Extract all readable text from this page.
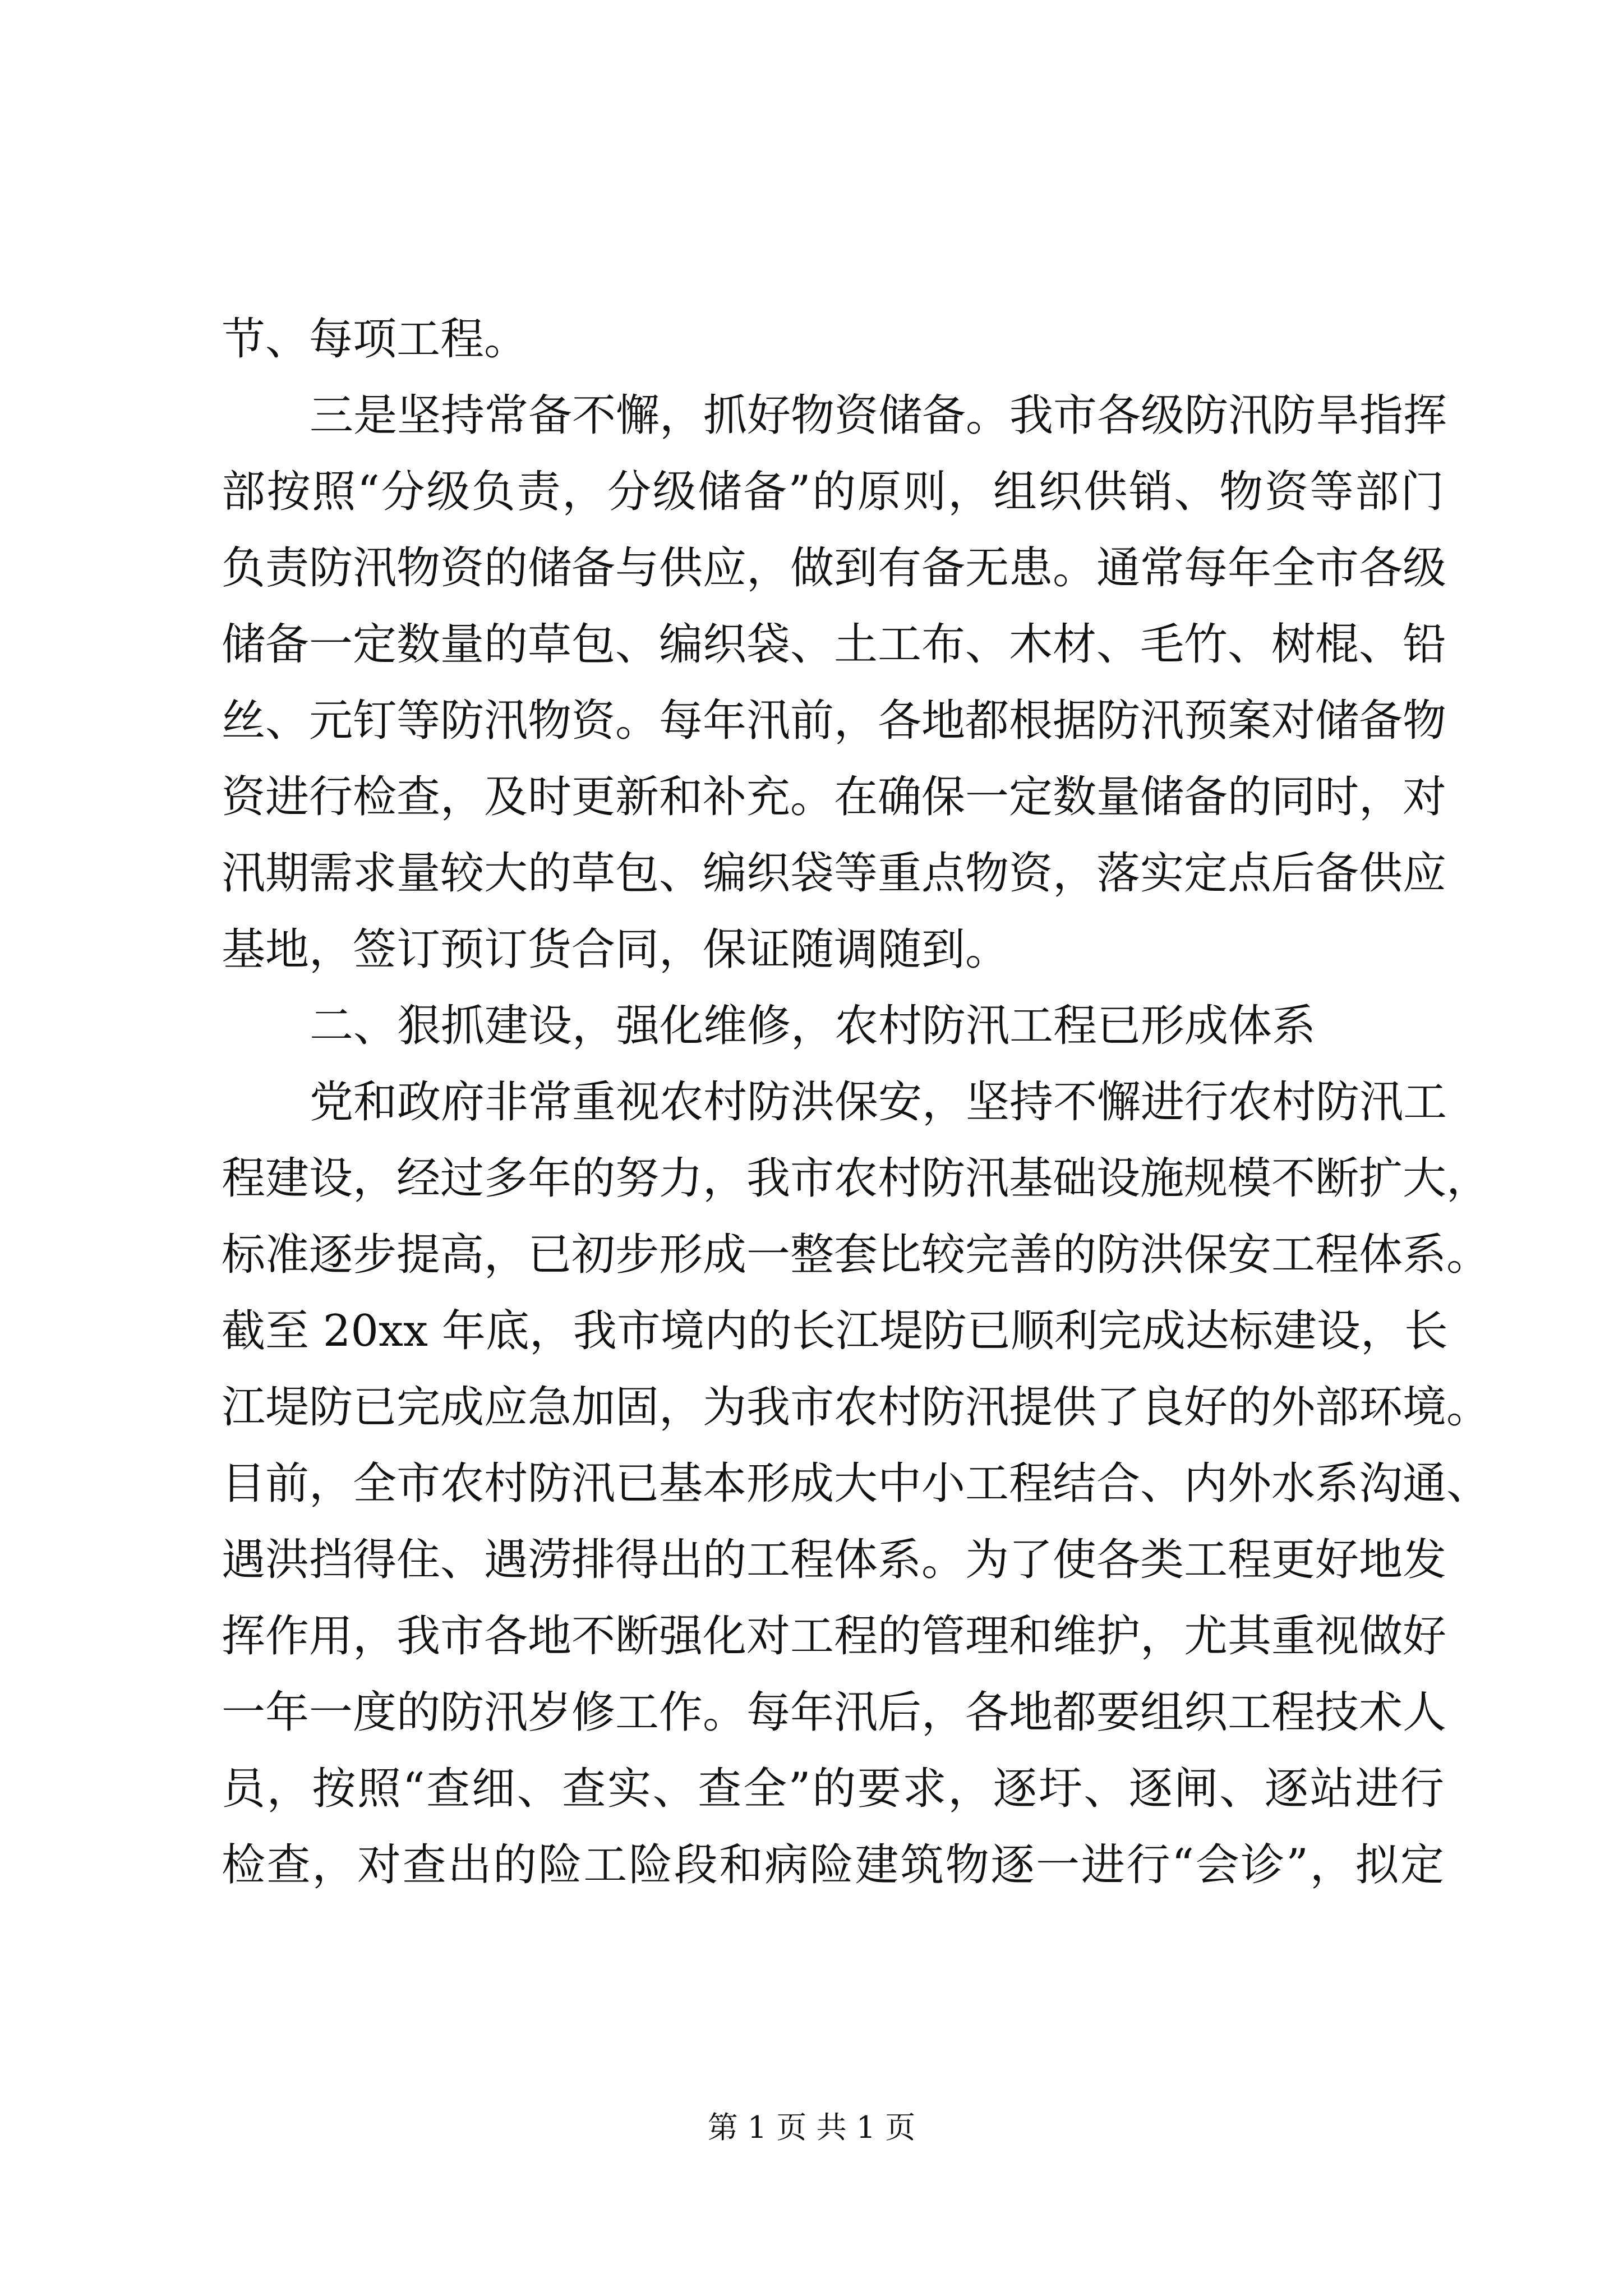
节、每项工程。
三是坚持常备不懈，抓好物资储备。我市各级防汛防旱指挥
部按照“分级负责，分级储备”的原则，组织供销、物资等部门
负责防汛物资的储备与供应，做到有备无患。通常每年全市各级
储备一定数量的草包、编织袋、土工布、木材、毛竹、树棍、铅
丝、元钉等防汛物资。每年汛前，各地都根据防汛预案对储备物
资进行检查，及时更新和补充。在确保一定数量储备的同时，对
汛期需求量较大的草包、编织袋等重点物资，落实定点后备供应
基地，签订预订货合同，保证随调随到。
二、狠抓建设，强化维修，农村防汛工程已形成体系
党和政府非常重视农村防洪保安，坚持不懈进行农村防汛工
程建设，经过多年的努力，我市农村防汛基础设施规模不断扩大，
标准逐步提高，已初步形成一整套比较完善的防洪保安工程体系。
截至 20xx 年底，我市境内的长江堤防已顺利完成达标建设，长
江堤防已完成应急加固，为我市农村防汛提供了良好的外部环境。
目前，全市农村防汛已基本形成大中小工程结合、内外水系沟通、
遇洪挡得住、遇涝排得出的工程体系。为了使各类工程更好地发
挥作用，我市各地不断强化对工程的管理和维护，尤其重视做好
一年一度的防汛岁修工作。每年汛后，各地都要组织工程技术人
员，按照“查细、查实、查全”的要求，逐圩、逐闸、逐站进行
检查，对查出的险工险段和病险建筑物逐一进行“会诊”，拟定
第 1 页 共 1 页
